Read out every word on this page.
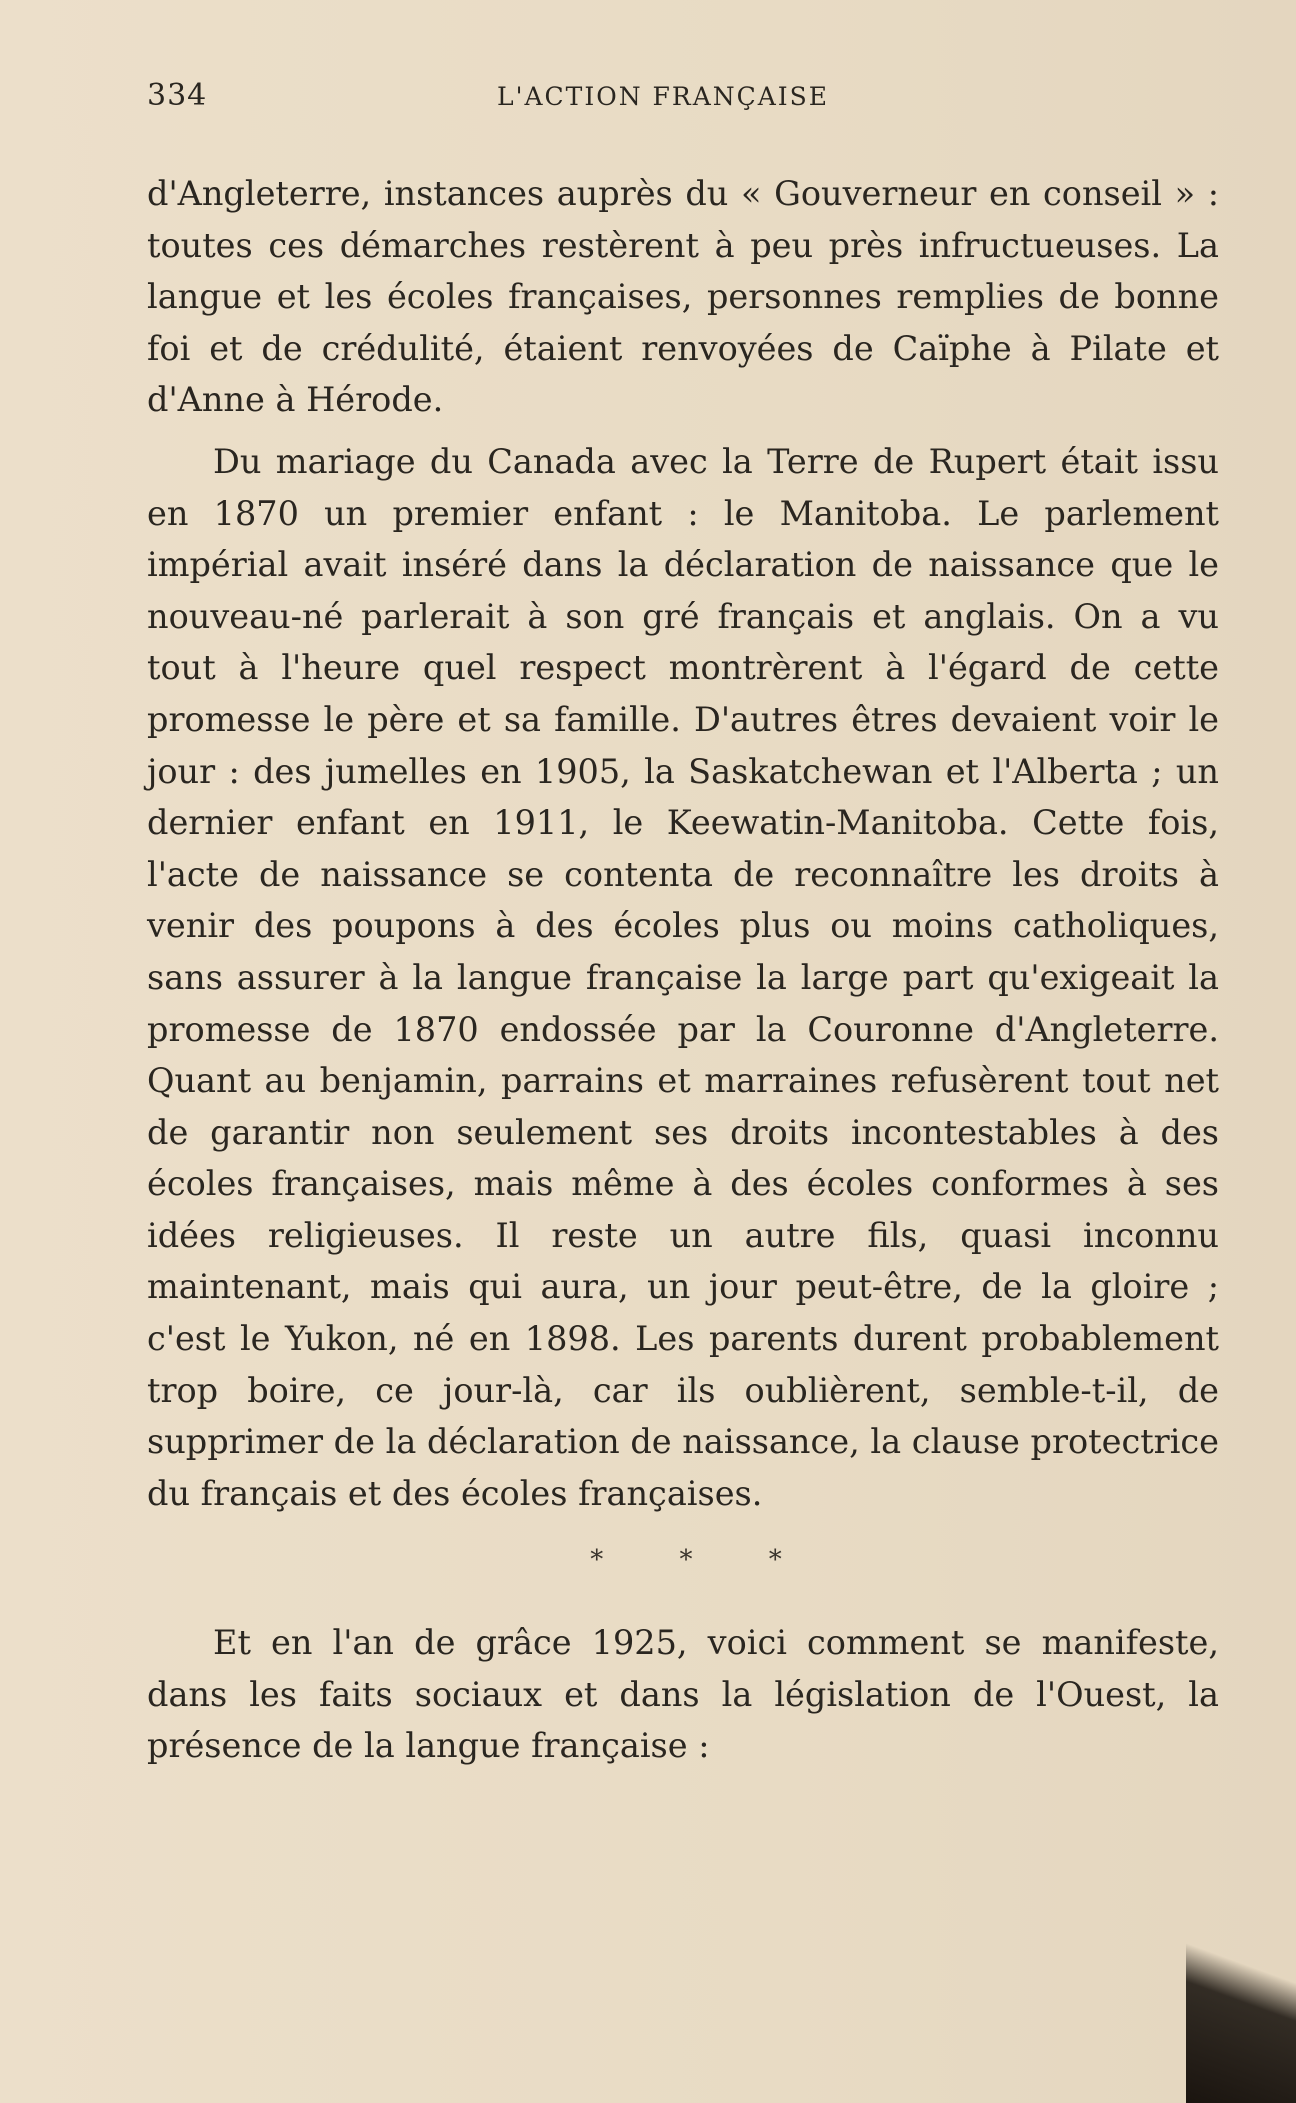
334	L'ACTION FRANÇAISE

d'Angleterre, instances auprès du « Gouverneur en conseil » : toutes ces démarches restèrent à peu près infructueuses. La langue et les écoles françaises, personnes remplies de bonne foi et de crédulité, étaient renvoyées de Caïphe à Pilate et d'Anne à Hérode.

Du mariage du Canada avec la Terre de Rupert était issu en 1870 un premier enfant : le Manitoba. Le parlement impérial avait inséré dans la déclaration de naissance que le nouveau-né parlerait à son gré français et anglais. On a vu tout à l'heure quel respect montrèrent à l'égard de cette promesse le père et sa famille. D'autres êtres devaient voir le jour : des jumelles en 1905, la Saskatchewan et l'Alberta ; un dernier enfant en 1911, le Keewatin-Manitoba. Cette fois, l'acte de naissance se contenta de reconnaître les droits à venir des poupons à des écoles plus ou moins catholiques, sans assurer à la langue française la large part qu'exigeait la promesse de 1870 endossée par la Couronne d'Angleterre. Quant au benjamin, parrains et marraines refusèrent tout net de garantir non seulement ses droits incontestables à des écoles françaises, mais même à des écoles conformes à ses idées religieuses. Il reste un autre fils, quasi inconnu maintenant, mais qui aura, un jour peut-être, de la gloire ; c'est le Yukon, né en 1898. Les parents durent probablement trop boire, ce jour-là, car ils oublièrent, semble-t-il, de supprimer de la déclaration de naissance, la clause protectrice du français et des écoles françaises.

* * *

Et en l'an de grâce 1925, voici comment se manifeste, dans les faits sociaux et dans la législation de l'Ouest, la présence de la langue française :
